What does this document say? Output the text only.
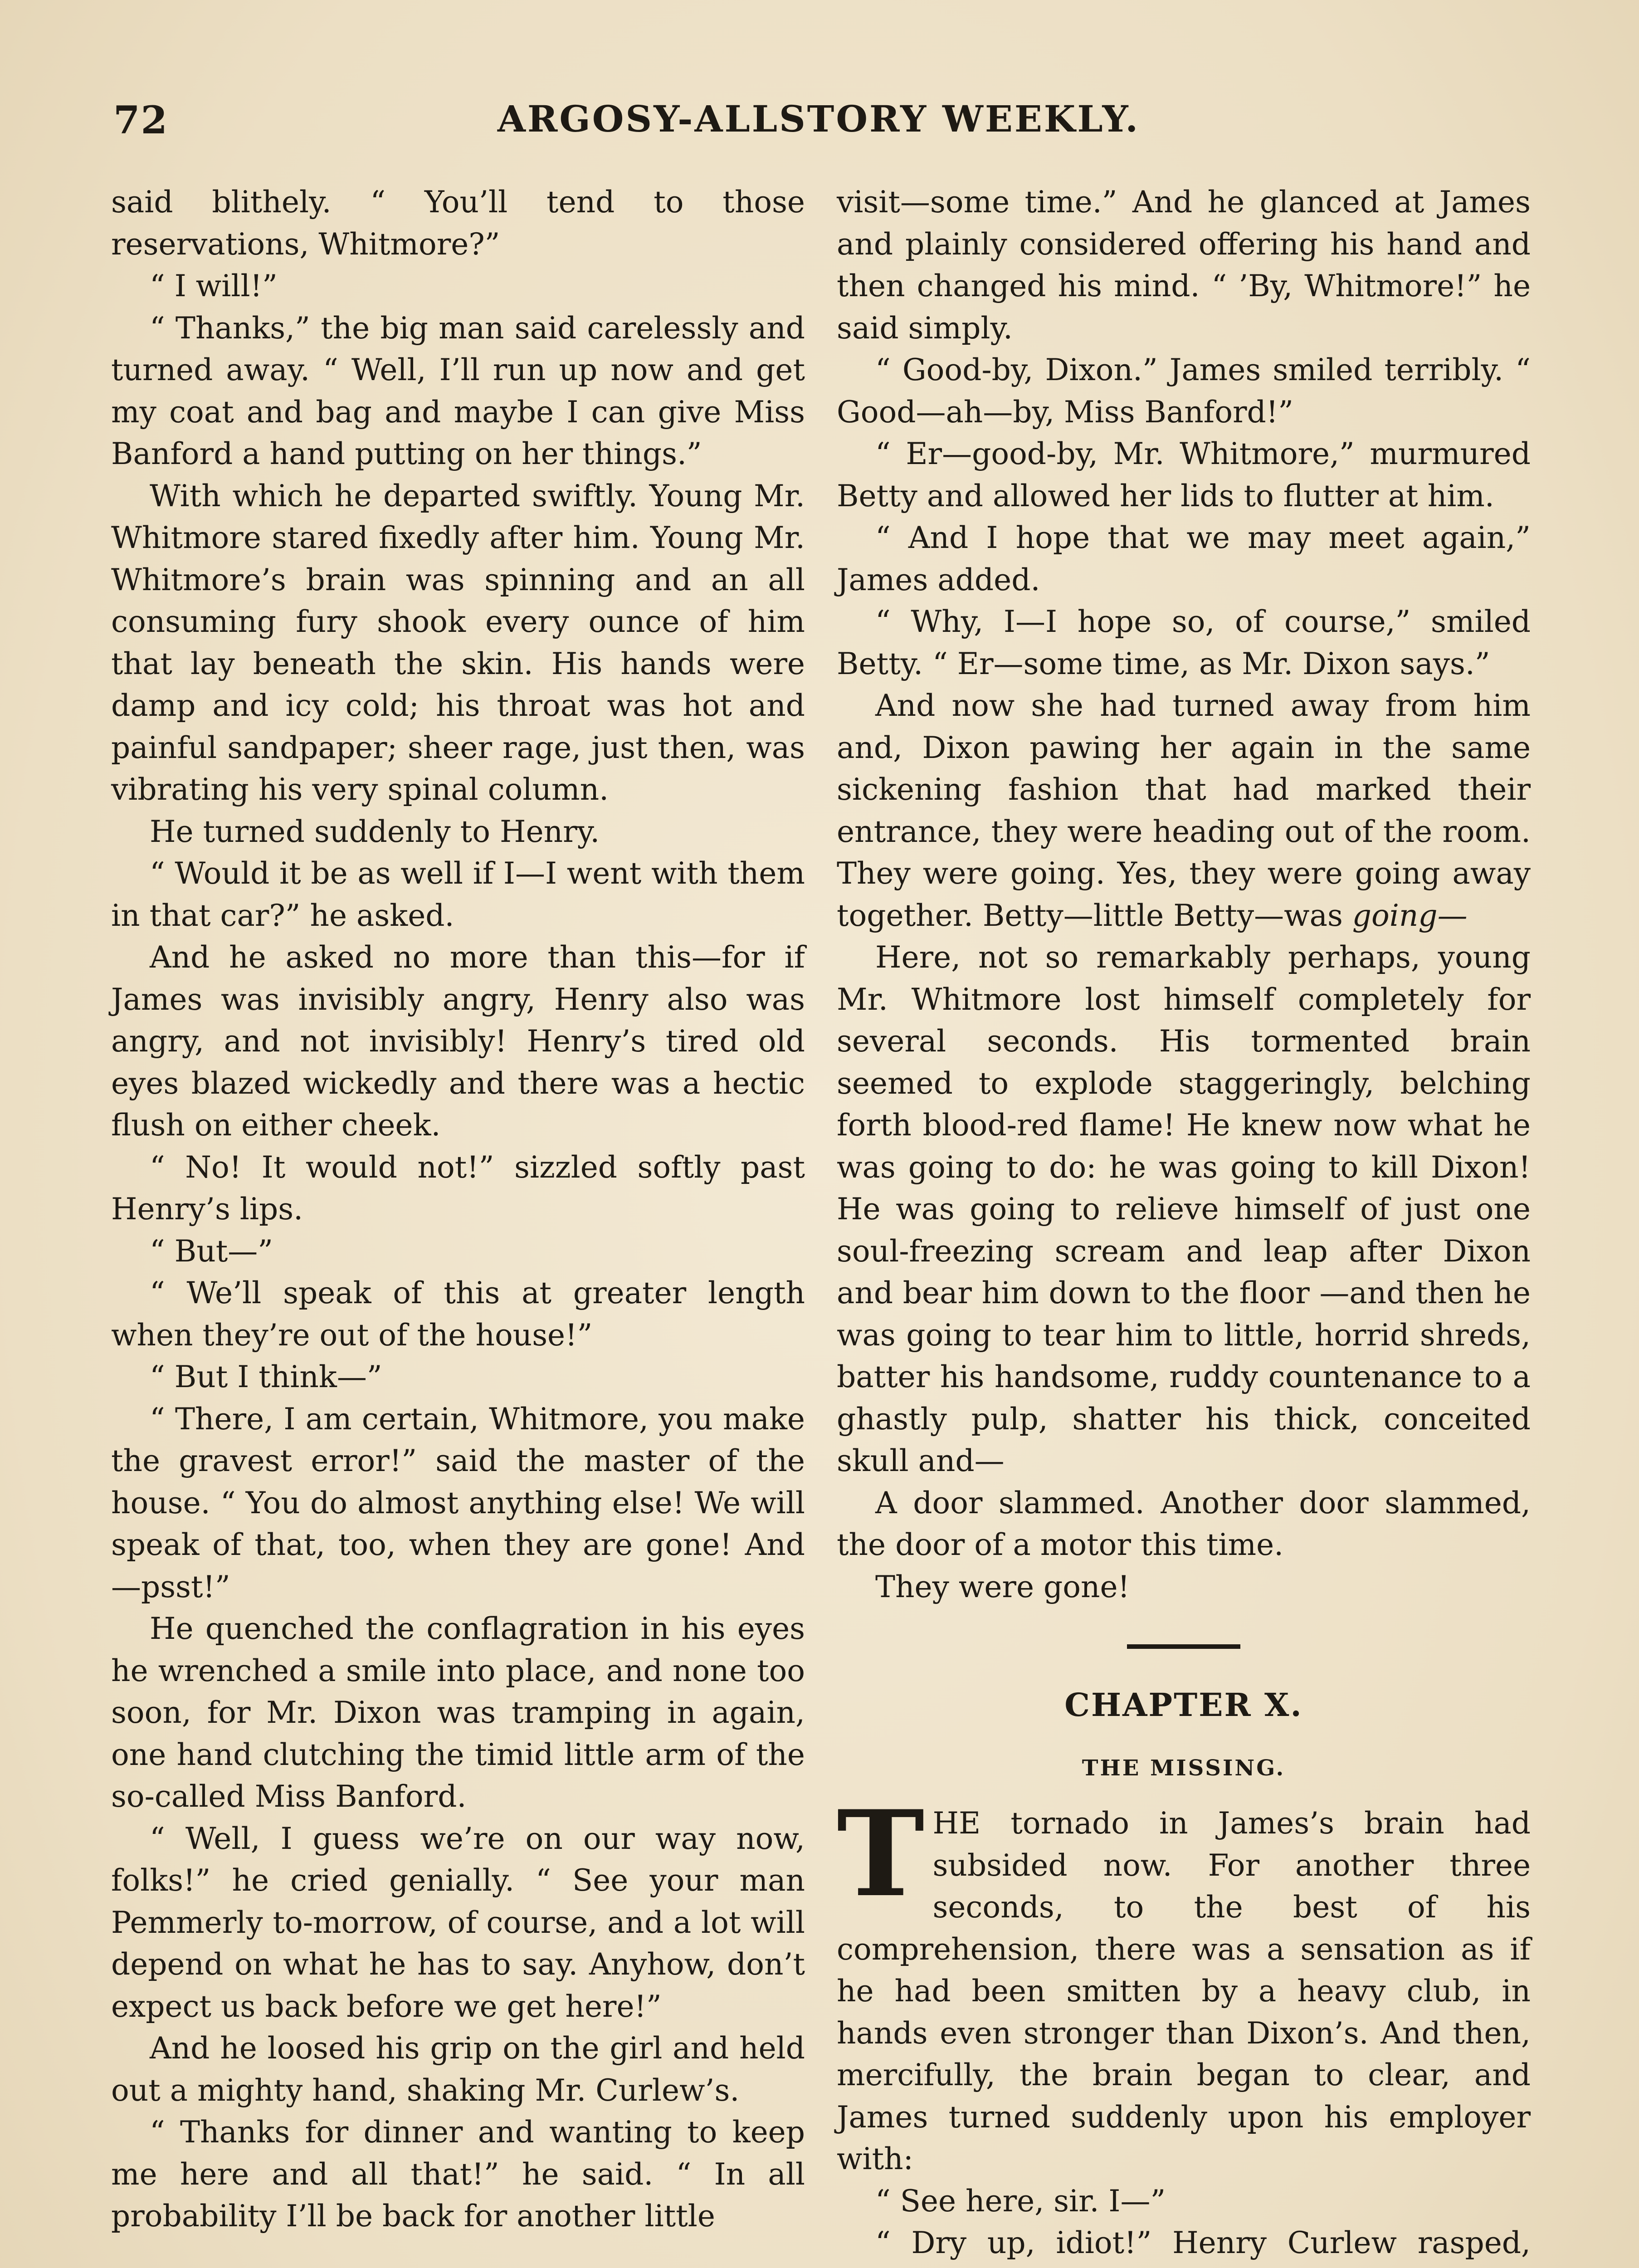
72	ARGOSY-ALLSTORY WEEKLY.

said blithely. “ You’ll tend to those reservations, Whitmore?”

“ I will!”

“ Thanks,” the big man said carelessly and turned away. “ Well, I’ll run up now and get my coat and bag and maybe I can give Miss Banford a hand putting on her things.”

With which he departed swiftly. Young Mr. Whitmore stared fixedly after him. Young Mr. Whitmore’s brain was spinning and an all consuming fury shook every ounce of him that lay beneath the skin. His hands were damp and icy cold; his throat was hot and painful sandpaper; sheer rage, just then, was vibrating his very spinal column.

He turned suddenly to Henry.

“ Would it be as well if I—I went with them in that car?” he asked.

And he asked no more than this—for if James was invisibly angry, Henry also was angry, and not invisibly! Henry’s tired old eyes blazed wickedly and there was a hectic flush on either cheek.

“ No! It would not!” sizzled softly past Henry’s lips.

“ But—”

“ We’ll speak of this at greater length when they’re out of the house!”

“ But I think—”

“ There, I am certain, Whitmore, you make the gravest error!” said the master of the house. “ You do almost anything else! We will speak of that, too, when they are gone! And—psst!”

He quenched the conflagration in his eyes he wrenched a smile into place, and none too soon, for Mr. Dixon was tramping in again, one hand clutching the timid little arm of the so-called Miss Banford.

“ Well, I guess we’re on our way now, folks!” he cried genially. “ See your man Pemmerly to-morrow, of course, and a lot will depend on what he has to say. Anyhow, don’t expect us back before we get here!”

And he loosed his grip on the girl and held out a mighty hand, shaking Mr. Curlew’s.

“ Thanks for dinner and wanting to keep me here and all that!” he said. “ In all probability I’ll be back for another little

visit—some time.” And he glanced at James and plainly considered offering his hand and then changed his mind. “ ’By, Whitmore!” he said simply.

“ Good-by, Dixon.” James smiled terribly. “ Good—ah—by, Miss Banford!”

“ Er—good-by, Mr. Whitmore,” murmured Betty and allowed her lids to flutter at him.

“ And I hope that we may meet again,” James added.

“ Why, I—I hope so, of course,” smiled Betty. “ Er—some time, as Mr. Dixon says.”

And now she had turned away from him and, Dixon pawing her again in the same sickening fashion that had marked their entrance, they were heading out of the room. They were going. Yes, they were going away together. Betty—little Betty—was going—

Here, not so remarkably perhaps, young Mr. Whitmore lost himself completely for several seconds. His tormented brain seemed to explode staggeringly, belching forth blood-red flame! He knew now what he was going to do: he was going to kill Dixon! He was going to relieve himself of just one soul-freezing scream and leap after Dixon and bear him down to the floor —and then he was going to tear him to little, horrid shreds, batter his handsome, ruddy countenance to a ghastly pulp, shatter his thick, conceited skull and—

A door slammed. Another door slammed, the door of a motor this time.

They were gone!

CHAPTER X.
THE MISSING.

THE tornado in James’s brain had subsided now. For another three seconds, to the best of his comprehension, there was a sensation as if he had been smitten by a heavy club, in hands even stronger than Dixon’s. And then, mercifully, the brain began to clear, and James turned suddenly upon his employer with:

“ See here, sir. I—”

“ Dry up, idiot!” Henry Curlew rasped,
